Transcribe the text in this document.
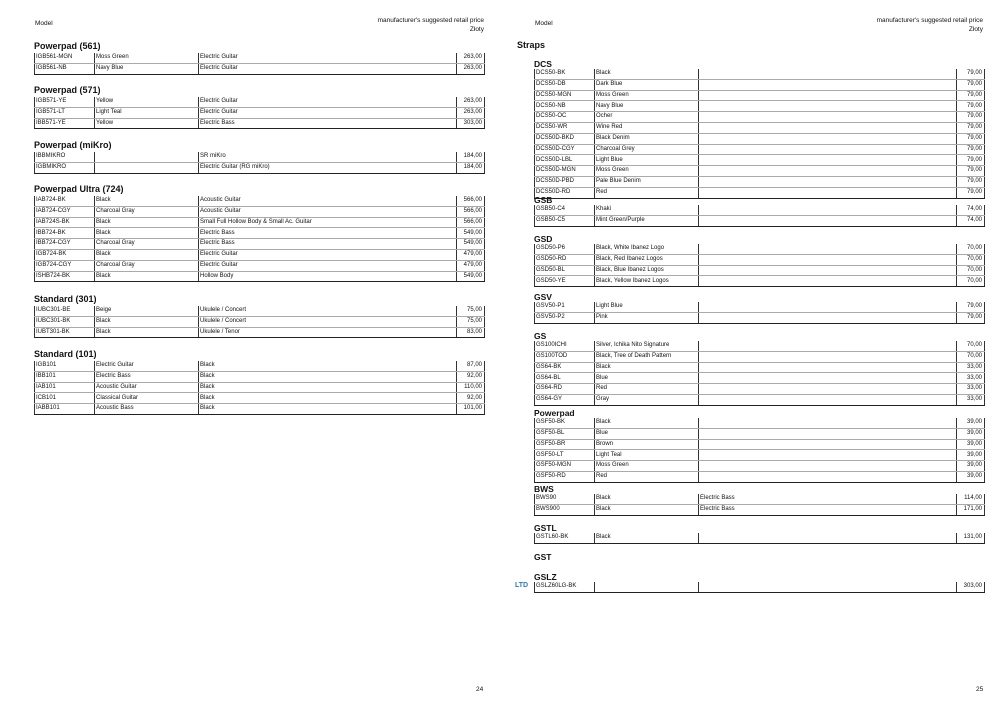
Model	manufacturer's suggested retail price
Złoty
24
Powerpad (561)
IGB561-MGN	Moss Green	Electric Guitar	263,00
IGB561-NB	Navy Blue	Electric Guitar	263,00
Powerpad (571)
IGB571-YE	Yellow	Electric Guitar	263,00
IGB571-LT	Light Teal	Electric Guitar	263,00
IBB571-YE	Yellow	Electric Bass	303,00
Powerpad (miKro)
IBBMIKRO		SR miKro	184,00
IGBMIKRO		Electric Guitar (RG miKro)	184,00
Powerpad Ultra (724)
IAB724-BK	Black	Acoustic Guitar	566,00
IAB724-CGY	Charcoal Gray	Acoustic Guitar	566,00
IAB724S-BK	Black	Small Full Hollow Body & Small Ac. Guitar	566,00
IBB724-BK	Black	Electric Bass	549,00
IBB724-CGY	Charcoal Gray	Electric Bass	549,00
IGB724-BK	Black	Electric Guitar	479,00
IGB724-CGY	Charcoal Gray	Electric Guitar	479,00
ISHB724-BK	Black	Hollow Body	549,00
Standard (301)
IUBC301-BE	Beige	Ukulele / Concert	75,00
IUBC301-BK	Black	Ukulele / Concert	75,00
IUBT301-BK	Black	Ukulele / Tenor	83,00
Standard (101)
IGB101	Electric Guitar	Black	87,00
IBB101	Electric Bass	Black	92,00
IAB101	Acoustic Guitar	Black	110,00
ICB101	Classical Guitar	Black	92,00
IABB101	Acoustic Bass	Black	101,00
Model	manufacturer's suggested retail price
Złoty
Straps
25
DCS
DCS50-BK	Black		79,00
DCS50-DB	Dark Blue		79,00
DCS50-MGN	Moss Green		79,00
DCS50-NB	Navy Blue		79,00
DCS50-OC	Ocher		79,00
DCS50-WR	Wine Red		79,00
DCS50D-BKD	Black Denim		79,00
DCS50D-CGY	Charcoal Grey		79,00
DCS50D-LBL	Light Blue		79,00
DCS50D-MGN	Moss Green		79,00
DCS50D-PBD	Pale Blue Denim		79,00
DCS50D-RD	Red		79,00
GSB
GSB50-C4	Khaki		74,00
GSB50-C5	Mint Green/Purple		74,00
GSD
GSD50-P6	Black, White Ibanez Logo		70,00
GSD50-RD	Black, Red Ibanez Logos		70,00
GSD50-BL	Black, Blue Ibanez Logos		70,00
GSD50-YE	Black, Yellow Ibanez Logos		70,00
GSV
GSV50-P1	Light Blue		79,00
GSV50-P2	Pink		79,00
GS
GS100ICHI	Silver, Ichika Nito Signature		70,00
GS100TOD	Black, Tree of Death Pattern		70,00
GS64-BK	Black		33,00
GS64-BL	Blue		33,00
GS64-RD	Red		33,00
GS64-GY	Gray		33,00
Powerpad
GSF50-BK	Black		39,00
GSF50-BL	Blue		39,00
GSF50-BR	Brown		39,00
GSF50-LT	Light Teal		39,00
GSF50-MGN	Moss Green		39,00
GSF50-RD	Red		39,00
BWS
BWS90	Black	Electric Bass	114,00
BWS900	Black	Electric Bass	171,00
GSTL
GSTL60-BK	Black		131,00
GST
GSLZ
GSLZ60LG-BK			303,00
LTD
